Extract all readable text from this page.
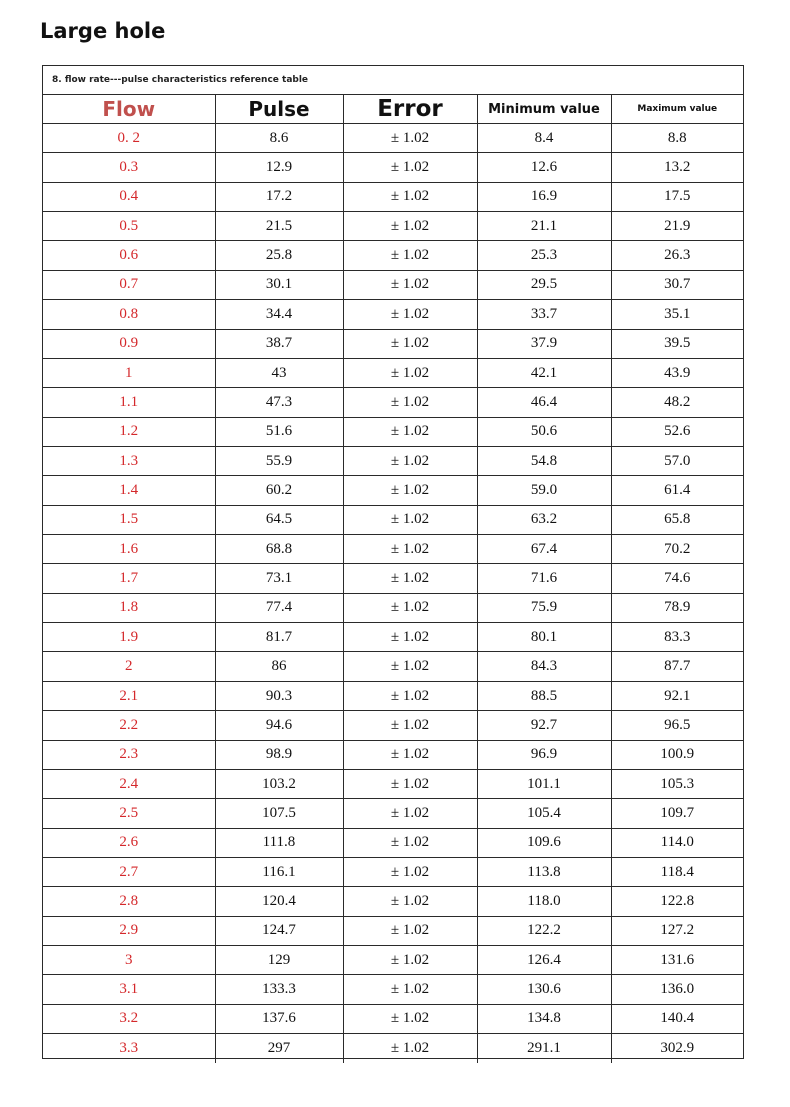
Large hole
8. flow rate---pulse characteristics reference table
Flow	Pulse	Error	Minimum value	Maximum value
0. 2	8.6	± 1.02	8.4	8.8
0.3	12.9	± 1.02	12.6	13.2
0.4	17.2	± 1.02	16.9	17.5
0.5	21.5	± 1.02	21.1	21.9
0.6	25.8	± 1.02	25.3	26.3
0.7	30.1	± 1.02	29.5	30.7
0.8	34.4	± 1.02	33.7	35.1
0.9	38.7	± 1.02	37.9	39.5
1	43	± 1.02	42.1	43.9
1.1	47.3	± 1.02	46.4	48.2
1.2	51.6	± 1.02	50.6	52.6
1.3	55.9	± 1.02	54.8	57.0
1.4	60.2	± 1.02	59.0	61.4
1.5	64.5	± 1.02	63.2	65.8
1.6	68.8	± 1.02	67.4	70.2
1.7	73.1	± 1.02	71.6	74.6
1.8	77.4	± 1.02	75.9	78.9
1.9	81.7	± 1.02	80.1	83.3
2	86	± 1.02	84.3	87.7
2.1	90.3	± 1.02	88.5	92.1
2.2	94.6	± 1.02	92.7	96.5
2.3	98.9	± 1.02	96.9	100.9
2.4	103.2	± 1.02	101.1	105.3
2.5	107.5	± 1.02	105.4	109.7
2.6	111.8	± 1.02	109.6	114.0
2.7	116.1	± 1.02	113.8	118.4
2.8	120.4	± 1.02	118.0	122.8
2.9	124.7	± 1.02	122.2	127.2
3	129	± 1.02	126.4	131.6
3.1	133.3	± 1.02	130.6	136.0
3.2	137.6	± 1.02	134.8	140.4
3.3	297	± 1.02	291.1	302.9
